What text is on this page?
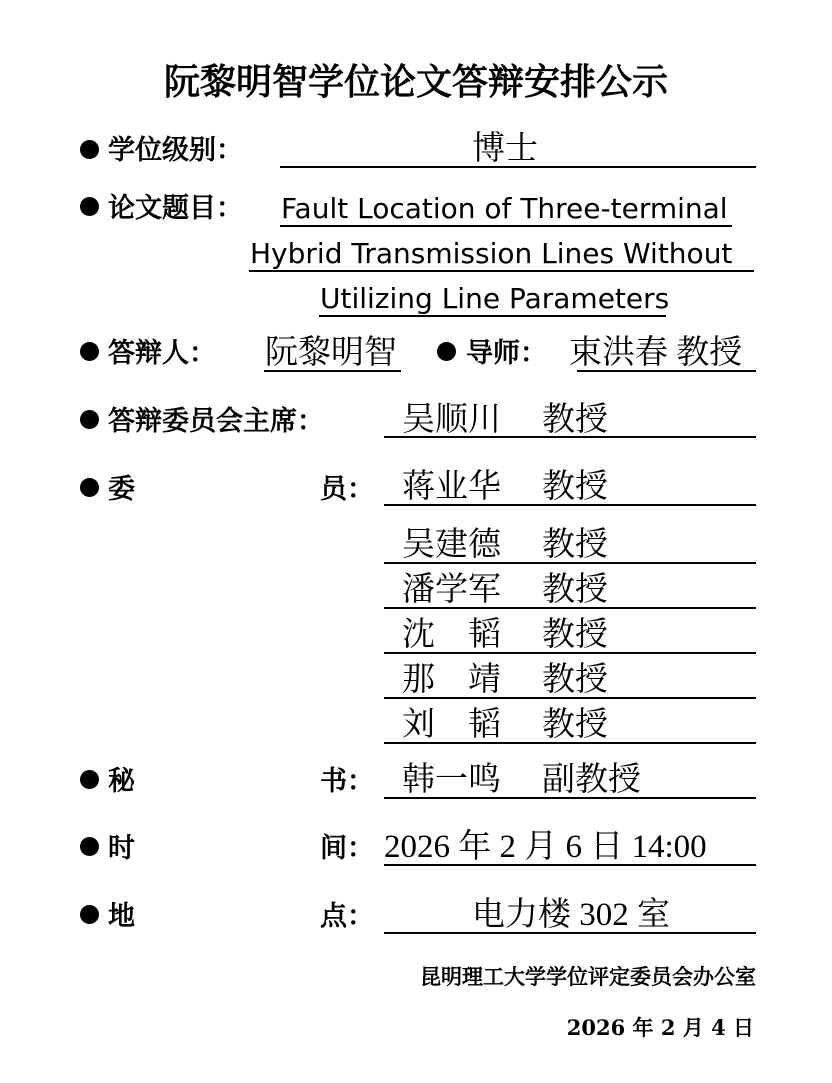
阮黎明智学位论文答辩安排公示
学位级别：	博士
论文题目： Fault Location of Three-terminal
Hybrid Transmission Lines Without
Utilizing Line Parameters
答辩人： 阮黎明智	导师： 束洪春 教授
答辩委员会主席： 吴顺川 教授
委	员： 蒋业华 教授
吴建德 教授
潘学军 教授
沈　韬 教授
那　靖 教授
刘　韬 教授
秘	书： 韩一鸣 副教授
时	间： 2026 年 2 月 6 日 14:00
地	点：	电力楼 302 室
昆明理工大学学位评定委员会办公室
2026 年 2 月 4 日
